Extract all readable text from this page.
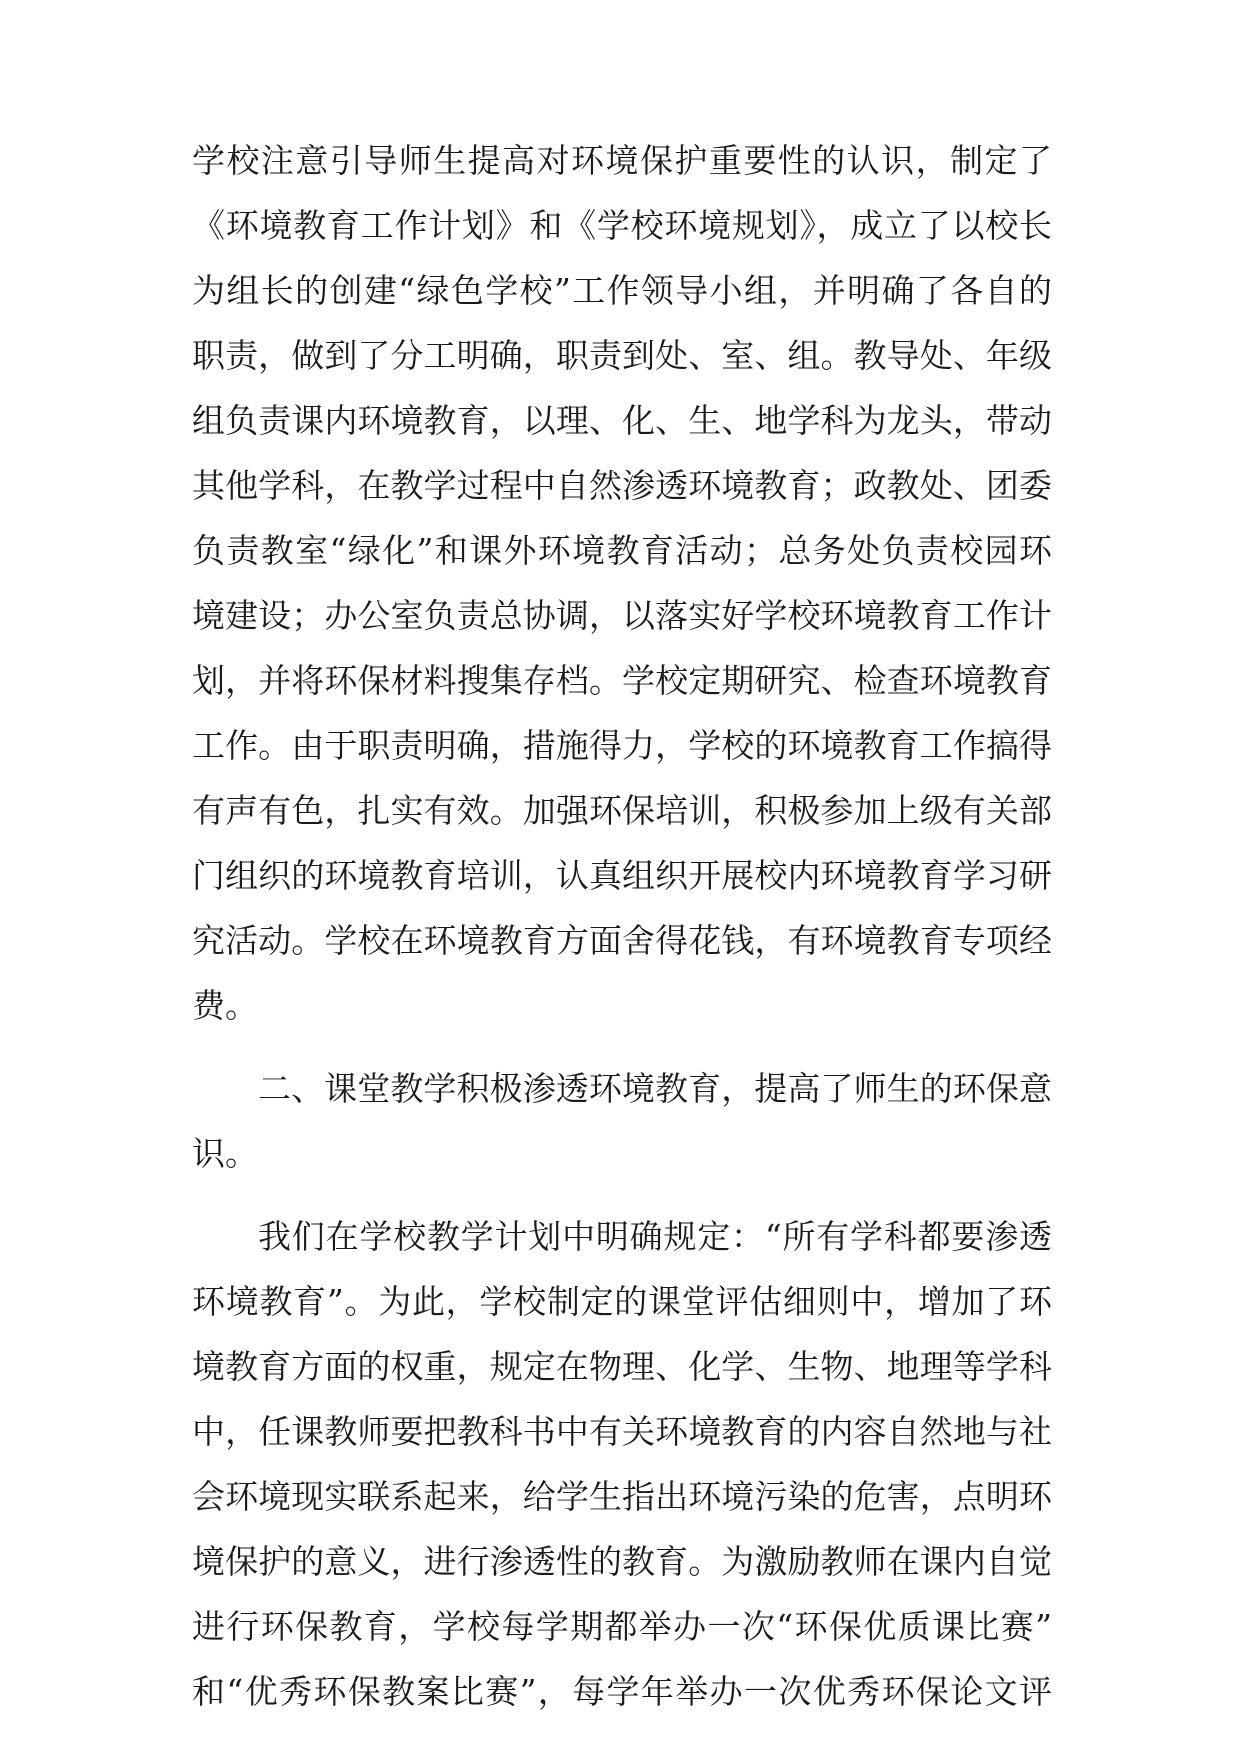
学校注意引导师生提高对环境保护重要性的认识，制定了
《环境教育工作计划》和《学校环境规划》，成立了以校长
为组长的创建“绿色学校”工作领导小组，并明确了各自的
职责，做到了分工明确，职责到处、室、组。教导处、年级
组负责课内环境教育，以理、化、生、地学科为龙头，带动
其他学科，在教学过程中自然渗透环境教育；政教处、团委
负责教室“绿化”和课外环境教育活动；总务处负责校园环
境建设；办公室负责总协调，以落实好学校环境教育工作计
划，并将环保材料搜集存档。学校定期研究、检查环境教育
工作。由于职责明确，措施得力，学校的环境教育工作搞得
有声有色，扎实有效。加强环保培训，积极参加上级有关部
门组织的环境教育培训，认真组织开展校内环境教育学习研
究活动。学校在环境教育方面舍得花钱，有环境教育专项经
费。
二、课堂教学积极渗透环境教育，提高了师生的环保意
识。
我们在学校教学计划中明确规定：“所有学科都要渗透
环境教育”。为此，学校制定的课堂评估细则中，增加了环
境教育方面的权重，规定在物理、化学、生物、地理等学科
中，任课教师要把教科书中有关环境教育的内容自然地与社
会环境现实联系起来，给学生指出环境污染的危害，点明环
境保护的意义，进行渗透性的教育。为激励教师在课内自觉
进行环保教育，学校每学期都举办一次“环保优质课比赛”
和“优秀环保教案比赛”，每学年举办一次优秀环保论文评
